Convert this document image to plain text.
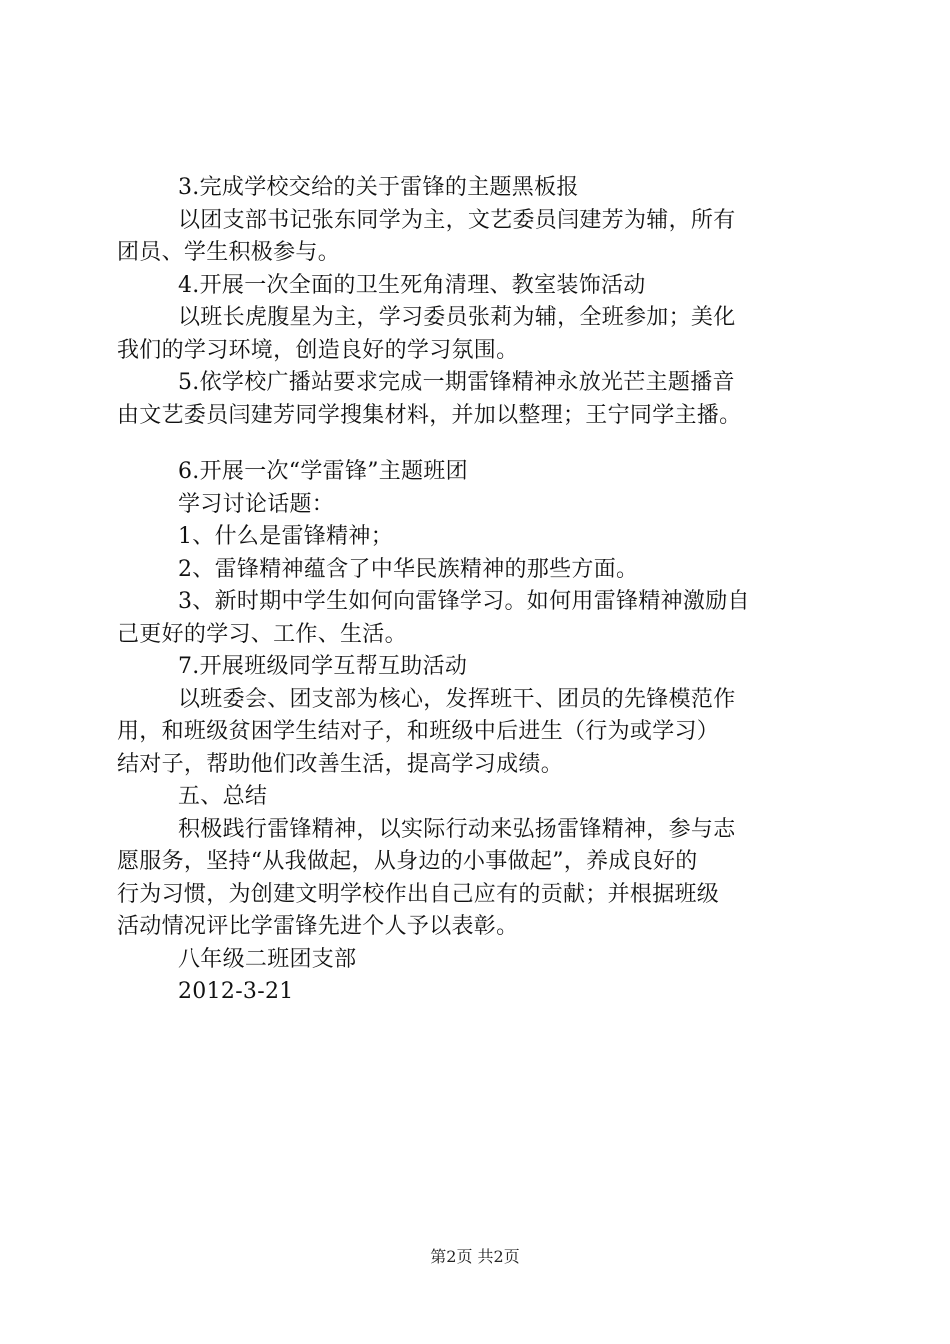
3.完成学校交给的关于雷锋的主题黑板报
以团支部书记张东同学为主，文艺委员闫建芳为辅，所有
团员、学生积极参与。
4.开展一次全面的卫生死角清理、教室装饰活动
以班长虎腹星为主，学习委员张莉为辅，全班参加；美化
我们的学习环境，创造良好的学习氛围。
5.依学校广播站要求完成一期雷锋精神永放光芒主题播音
由文艺委员闫建芳同学搜集材料，并加以整理；王宁同学主播。
6.开展一次“学雷锋”主题班团
学习讨论话题：
1、什么是雷锋精神；
2、雷锋精神蕴含了中华民族精神的那些方面。
3、新时期中学生如何向雷锋学习。如何用雷锋精神激励自
己更好的学习、工作、生活。
7.开展班级同学互帮互助活动
以班委会、团支部为核心，发挥班干、团员的先锋模范作
用，和班级贫困学生结对子，和班级中后进生（行为或学习）
结对子，帮助他们改善生活，提高学习成绩。
五、总结
积极践行雷锋精神，以实际行动来弘扬雷锋精神，参与志
愿服务，坚持“从我做起，从身边的小事做起”，养成良好的
行为习惯，为创建文明学校作出自己应有的贡献；并根据班级
活动情况评比学雷锋先进个人予以表彰。
八年级二班团支部
2012-3-21
第2页 共2页
